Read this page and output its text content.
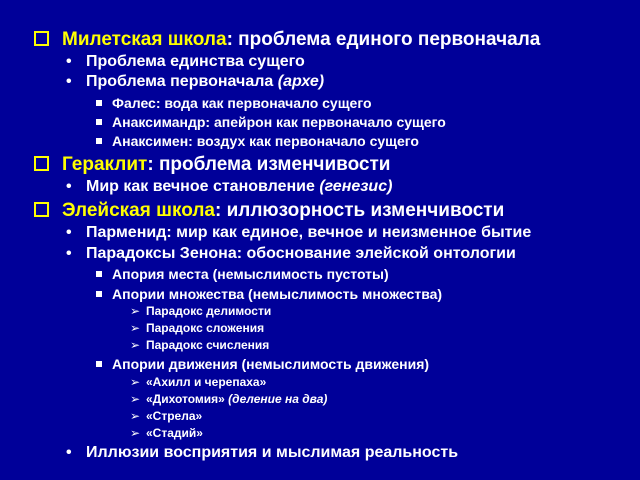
Милетская школа: проблема единого первоначала
• Проблема единства сущего
• Проблема первоначала (архе)
Фалес: вода как первоначало сущего
Анаксимандр: апейрон как первоначало сущего
Анаксимен: воздух как первоначало сущего
Гераклит: проблема изменчивости
• Мир как вечное становление (генезис)
Элейская школа: иллюзорность изменчивости
• Парменид: мир как единое, вечное и неизменное бытие
• Парадоксы Зенона: обоснование элейской онтологии
Апория места (немыслимость пустоты)
Апории множества (немыслимость множества)
➢ Парадокс делимости
➢ Парадокс сложения
➢ Парадокс счисления
Апории движения (немыслимость движения)
➢ «Ахилл и черепаха»
➢ «Дихотомия» (деление на два)
➢ «Стрела»
➢ «Стадий»
• Иллюзии восприятия и мыслимая реальность
